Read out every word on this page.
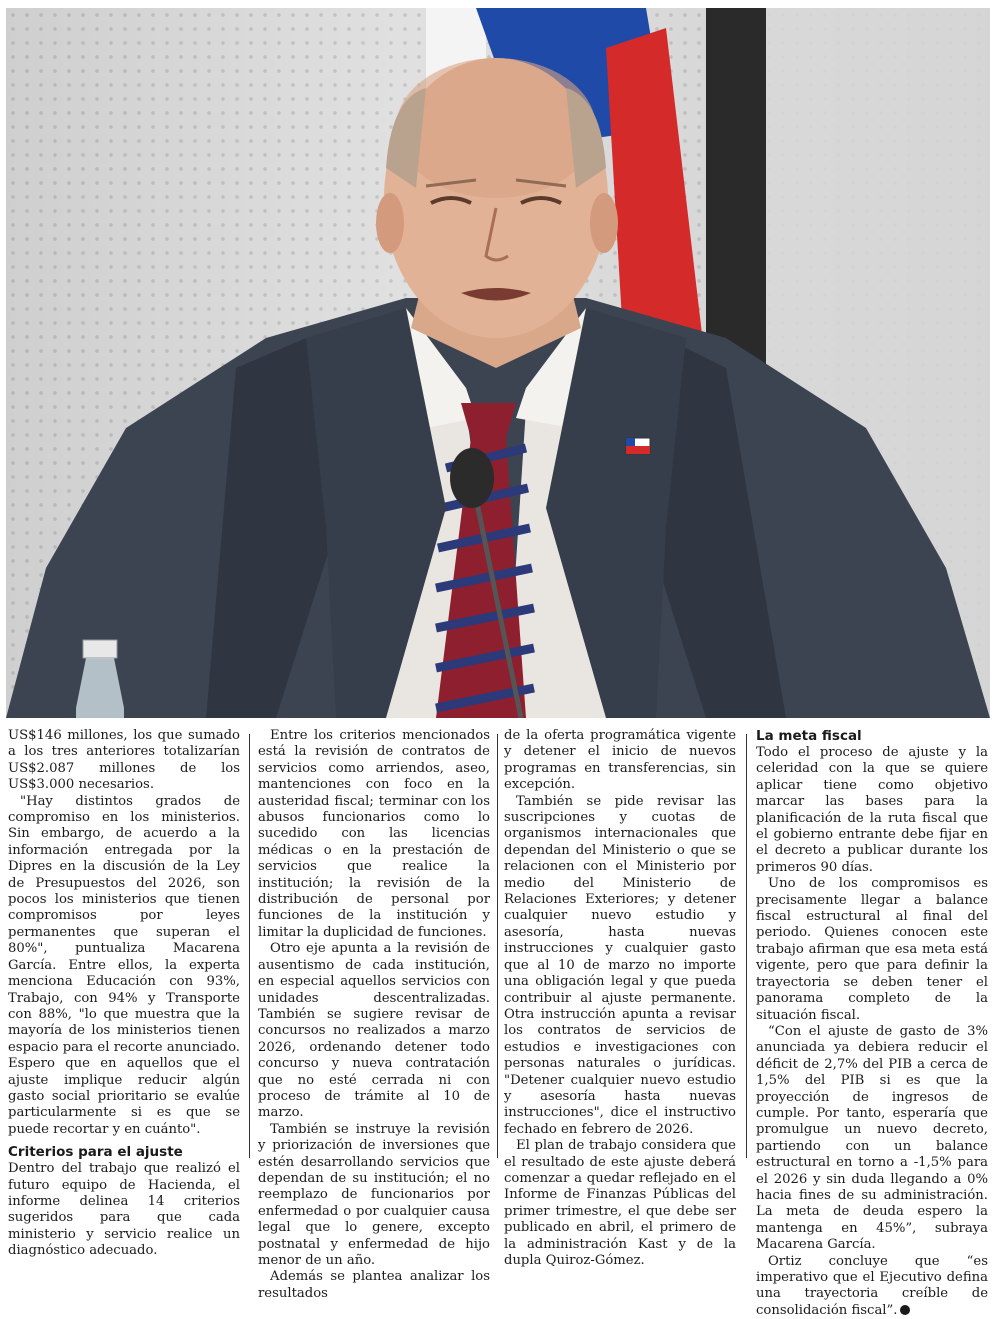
US$146 millones, los que sumado a los tres anteriores totalizarían US$2.087 millones de los US$3.000 necesarios.

"Hay distintos grados de compromiso en los ministerios. Sin embargo, de acuerdo a la información entregada por la Dipres en la discusión de la Ley de Presupuestos del 2026, son pocos los ministerios que tienen compromisos por leyes permanentes que superan el 80%", puntualiza Macarena García. Entre ellos, la experta menciona Educación con 93%, Trabajo, con 94% y Transporte con 88%, "lo que muestra que la mayoría de los ministerios tienen espacio para el recorte anunciado. Espero que en aquellos que el ajuste implique reducir algún gasto social prioritario se evalúe particularmente si es que se puede recortar y en cuánto".

Criterios para el ajuste

Dentro del trabajo que realizó el futuro equipo de Hacienda, el informe delinea 14 criterios sugeridos para que cada ministerio y servicio realice un diagnóstico adecuado.

Entre los criterios mencionados está la revisión de contratos de servicios como arriendos, aseo, mantenciones con foco en la austeridad fiscal; terminar con los abusos funcionarios como lo sucedido con las licencias médicas o en la prestación de servicios que realice la institución; la revisión de la distribución de personal por funciones de la institución y limitar la duplicidad de funciones.

Otro eje apunta a la revisión de ausentismo de cada institución, en especial aquellos servicios con unidades descentralizadas. También se sugiere revisar de concursos no realizados a marzo 2026, ordenando detener todo concurso y nueva contratación que no esté cerrada ni con proceso de trámite al 10 de marzo.

También se instruye la revisión y priorización de inversiones que estén desarrollando servicios que dependan de su institución; el no reemplazo de funcionarios por enfermedad o por cualquier causa legal que lo genere, excepto postnatal y enfermedad de hijo menor de un año.

Además se plantea analizar los resultados

de la oferta programática vigente y detener el inicio de nuevos programas en transferencias, sin excepción.

También se pide revisar las suscripciones y cuotas de organismos internacionales que dependan del Ministerio o que se relacionen con el Ministerio por medio del Ministerio de Relaciones Exteriores; y detener cualquier nuevo estudio y asesoría, hasta nuevas instrucciones y cualquier gasto que al 10 de marzo no importe una obligación legal y que pueda contribuir al ajuste permanente. Otra instrucción apunta a revisar los contratos de servicios de estudios e investigaciones con personas naturales o jurídicas. "Detener cualquier nuevo estudio y asesoría hasta nuevas instrucciones", dice el instructivo fechado en febrero de 2026.

El plan de trabajo considera que el resultado de este ajuste deberá comenzar a quedar reflejado en el Informe de Finanzas Públicas del primer trimestre, el que debe ser publicado en abril, el primero de la administración Kast y de la dupla Quiroz-Gómez.

La meta fiscal

Todo el proceso de ajuste y la celeridad con la que se quiere aplicar tiene como objetivo marcar las bases para la planificación de la ruta fiscal que el gobierno entrante debe fijar en el decreto a publicar durante los primeros 90 días.

Uno de los compromisos es precisamente llegar a balance fiscal estructural al final del periodo. Quienes conocen este trabajo afirman que esa meta está vigente, pero que para definir la trayectoria se deben tener el panorama completo de la situación fiscal.

“Con el ajuste de gasto de 3% anunciada ya debiera reducir el déficit de 2,7% del PIB a cerca de 1,5% del PIB si es que la proyección de ingresos de cumple. Por tanto, esperaría que promulgue un nuevo decreto, partiendo con un balance estructural en torno a -1,5% para el 2026 y sin duda llegando a 0% hacia fines de su administración. La meta de deuda espero la mantenga en 45%”, subraya Macarena García.

Ortiz concluye que “es imperativo que el Ejecutivo defina una trayectoria creíble de consolidación fiscal”.
